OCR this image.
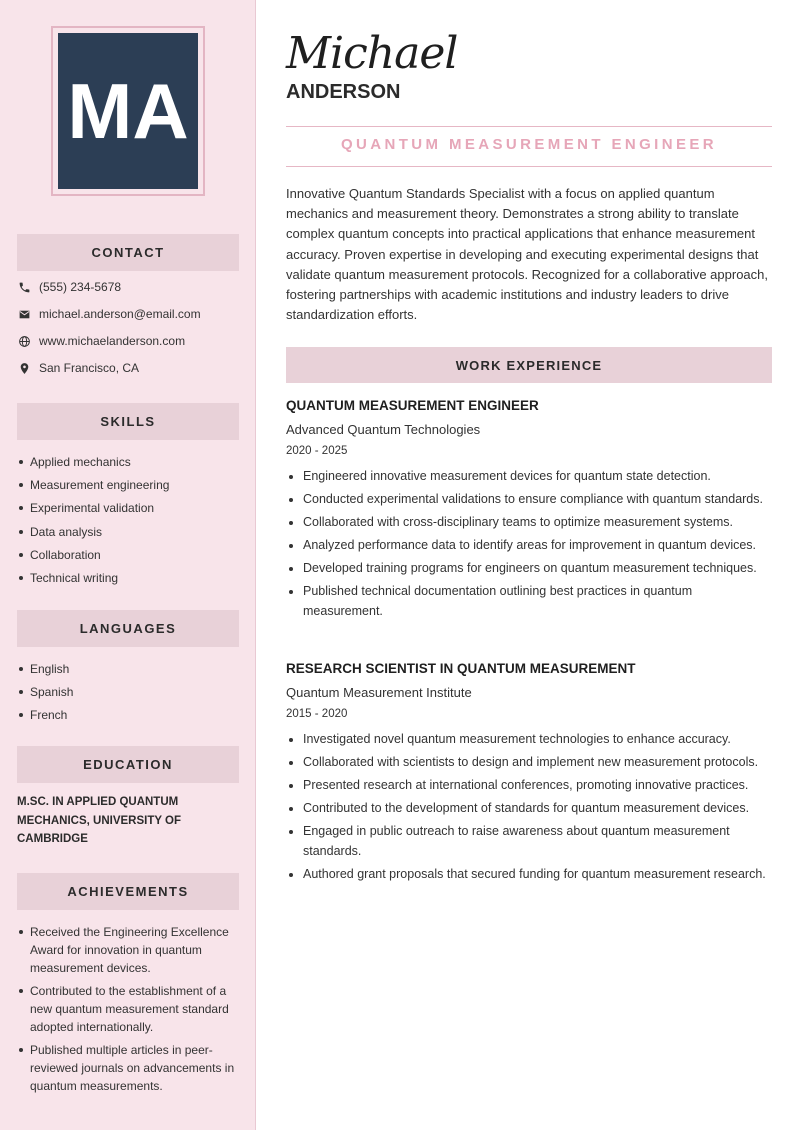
MA
CONTACT
(555) 234-5678
michael.anderson@email.com
www.michaelanderson.com
San Francisco, CA
SKILLS
Applied mechanics
Measurement engineering
Experimental validation
Data analysis
Collaboration
Technical writing
LANGUAGES
English
Spanish
French
EDUCATION
M.SC. IN APPLIED QUANTUM MECHANICS, UNIVERSITY OF CAMBRIDGE
ACHIEVEMENTS
Received the Engineering Excellence Award for innovation in quantum measurement devices.
Contributed to the establishment of a new quantum measurement standard adopted internationally.
Published multiple articles in peer-reviewed journals on advancements in quantum measurements.
Michael
ANDERSON
QUANTUM MEASUREMENT ENGINEER

Innovative Quantum Standards Specialist with a focus on applied quantum mechanics and measurement theory. Demonstrates a strong ability to translate complex quantum concepts into practical applications that enhance measurement accuracy. Proven expertise in developing and executing experimental designs that validate quantum measurement protocols. Recognized for a collaborative approach, fostering partnerships with academic institutions and industry leaders to drive standardization efforts.

WORK EXPERIENCE
QUANTUM MEASUREMENT ENGINEER
Advanced Quantum Technologies
2020 - 2025
Engineered innovative measurement devices for quantum state detection.
Conducted experimental validations to ensure compliance with quantum standards.
Collaborated with cross-disciplinary teams to optimize measurement systems.
Analyzed performance data to identify areas for improvement in quantum devices.
Developed training programs for engineers on quantum measurement techniques.
Published technical documentation outlining best practices in quantum measurement.
RESEARCH SCIENTIST IN QUANTUM MEASUREMENT
Quantum Measurement Institute
2015 - 2020
Investigated novel quantum measurement technologies to enhance accuracy.
Collaborated with scientists to design and implement new measurement protocols.
Presented research at international conferences, promoting innovative practices.
Contributed to the development of standards for quantum measurement devices.
Engaged in public outreach to raise awareness about quantum measurement standards.
Authored grant proposals that secured funding for quantum measurement research.
